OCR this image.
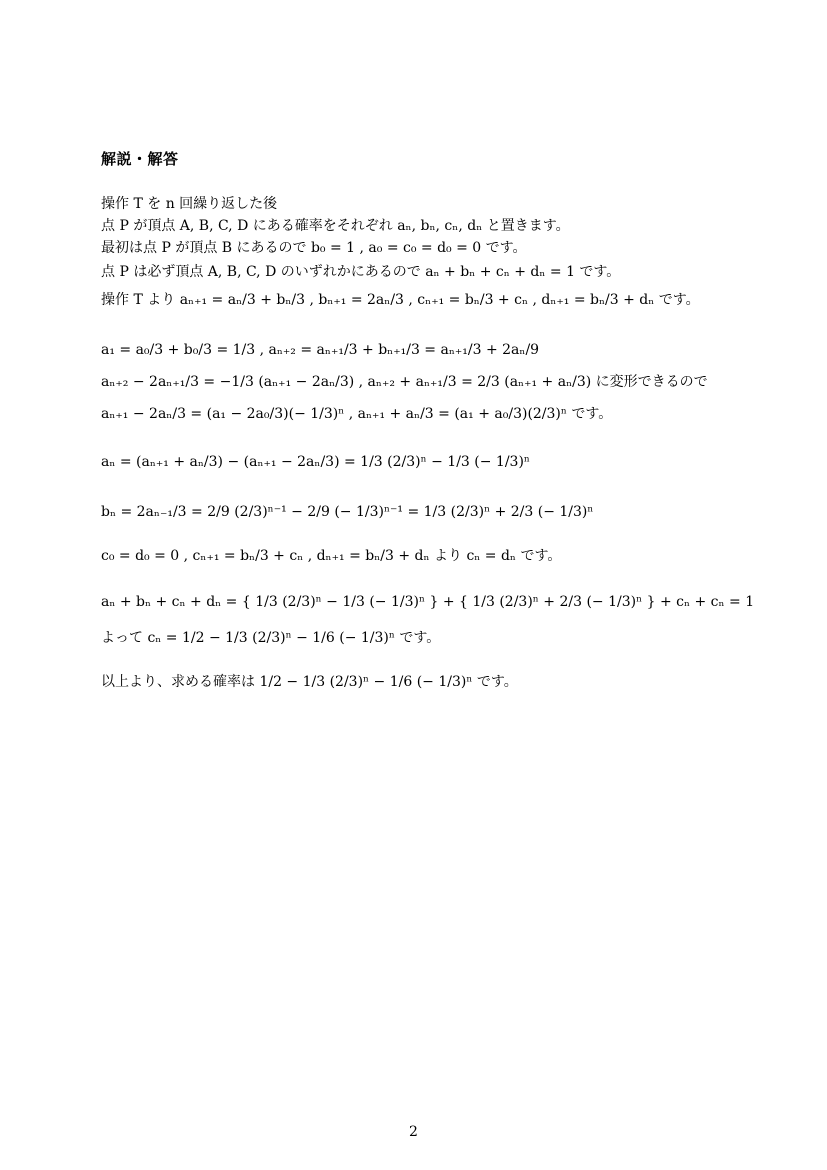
解説・解答
操作 T を n 回繰り返した後
点 P が頂点 A, B, C, D にある確率をそれぞれ aₙ, bₙ, cₙ, dₙ と置きます。
最初は点 P が頂点 B にあるので b₀ = 1 , a₀ = c₀ = d₀ = 0 です。
点 P は必ず頂点 A, B, C, D のいずれかにあるので aₙ + bₙ + cₙ + dₙ = 1 です。
操作 T より aₙ₊₁ = aₙ/3 + bₙ/3 , bₙ₊₁ = 2aₙ/3 , cₙ₊₁ = bₙ/3 + cₙ , dₙ₊₁ = bₙ/3 + dₙ です。
a₁ = a₀/3 + b₀/3 = 1/3 , aₙ₊₂ = aₙ₊₁/3 + bₙ₊₁/3 = aₙ₊₁/3 + 2aₙ/9
aₙ₊₂ − 2aₙ₊₁/3 = −1/3 (aₙ₊₁ − 2aₙ/3) , aₙ₊₂ + aₙ₊₁/3 = 2/3 (aₙ₊₁ + aₙ/3) に変形できるので
aₙ₊₁ − 2aₙ/3 = (a₁ − 2a₀/3)(− 1/3)ⁿ , aₙ₊₁ + aₙ/3 = (a₁ + a₀/3)(2/3)ⁿ です。
aₙ = (aₙ₊₁ + aₙ/3) − (aₙ₊₁ − 2aₙ/3) = 1/3 (2/3)ⁿ − 1/3 (− 1/3)ⁿ
bₙ = 2aₙ₋₁/3 = 2/9 (2/3)ⁿ⁻¹ − 2/9 (− 1/3)ⁿ⁻¹ = 1/3 (2/3)ⁿ + 2/3 (− 1/3)ⁿ
c₀ = d₀ = 0 , cₙ₊₁ = bₙ/3 + cₙ , dₙ₊₁ = bₙ/3 + dₙ より cₙ = dₙ です。
aₙ + bₙ + cₙ + dₙ = { 1/3 (2/3)ⁿ − 1/3 (− 1/3)ⁿ } + { 1/3 (2/3)ⁿ + 2/3 (− 1/3)ⁿ } + cₙ + cₙ = 1
よって cₙ = 1/2 − 1/3 (2/3)ⁿ − 1/6 (− 1/3)ⁿ です。
以上より、求める確率は 1/2 − 1/3 (2/3)ⁿ − 1/6 (− 1/3)ⁿ です。
2
